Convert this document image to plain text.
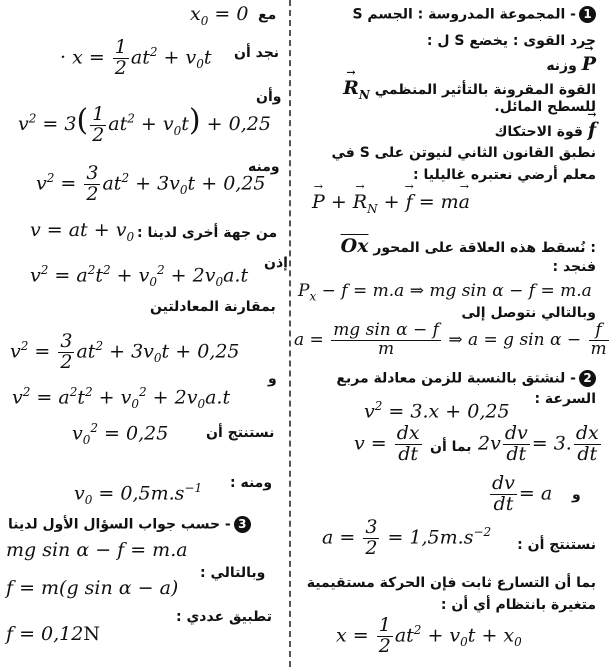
1- المجموعة المدروسة : الجسم S
جرد القوى : يخضع S ل :
→ P وزنه
→ $R_N$ القوة المقرونة بالتأثير المنظمي
للسطح المائل.
→ f قوة الاحتكاك
نطبق القانون الثاني لنيوتن على S في
معلم أرضي نعتبره غاليليا :
→ P + → $R_N$ + → f = m→ a
$\overline{Ox}$ نُسقط هذه العلاقة على المحور :
فنجد :
$P_x - f = m.a$ ⇒ mg sin α − f = m.a
وبالتالي نتوصل إلى
$a = \frac{\text{mg sin α − f}}{m}$ ⇒ a = g $\sin \alpha - \frac{f}{m}$
2- لنشتق بالنسبة للزمن معادلة مربع
السرعة :
$v^2 = 3.x + 0,25$
$v = \frac{dx}{dt}$ بما أن $2v \frac{dv}{dt} = 3$. $\frac{dx}{dt}$
$\frac{dv}{dt} = a$ و
$a = \frac{3}{2} = 1,5m.s^{-2}$
نستنتج أن :
بما أن التسارع ثابت فإن الحركة مستقيمية
متغيرة بانتظام أي أن :
$x = \frac{1}{2} at^2 + v_0t + x_0$
$x_0 = 0$ مع
· $x = \frac{1}{2} at^2 + v_0t$ نجد أن
وأن
$v^2 = 3( \frac{1}{2} at^2 + v_0t) + 0,25$
ومنه
$v^2 = \frac{3}{2} at^2 + 3v_0t + 0,25$
v = at + $v_0$ من جهة أخرى لدينا :
إذن
$v^2 = a^2t^2 + v_0^2 + 2v_0a.t$
بمقارنة المعادلتين
$v^2 = \frac{3}{2} at^2 + 3v_0t + 0,25$
و
$v^2 = a^2t^2 + v_0^2 + 2v_0a.t$
$v_0^2 = 0,25$	نستنتج أن
ومنه :
$v_0 = 0,5m.s^{-1}$
3- حسب جواب السؤال الأول لدينا
mg sin α − f = m.a
وبالتالي :
f = m(g sin α − a)
تطبيق عددي :
f = 0,12N
